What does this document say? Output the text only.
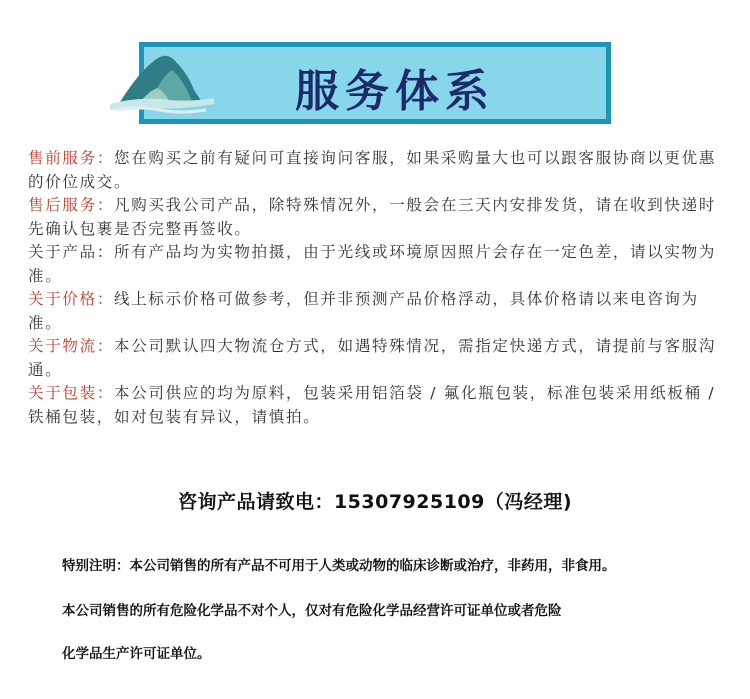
服务体系

售前服务：您在购买之前有疑问可直接询问客服，如果采购量大也可以跟客服协商以更优惠的价位成交。

售后服务：凡购买我公司产品，除特殊情况外，一般会在三天内安排发货，请在收到快递时先确认包裹是否完整再签收。

关于产品：所有产品均为实物拍摄，由于光线或环境原因照片会存在一定色差，请以实物为准。

关于价格：线上标示价格可做参考，但并非预测产品价格浮动，具体价格请以来电咨询为准。

关于物流：本公司默认四大物流仓方式，如遇特殊情况，需指定快递方式，请提前与客服沟通。

关于包装：本公司供应的均为原料，包装采用铝箔袋 / 氟化瓶包装，标准包装采用纸板桶 / 铁桶包装，如对包装有异议，请慎拍。

咨询产品请致电：15307925109（冯经理)

特别注明：本公司销售的所有产品不可用于人类或动物的临床诊断或治疗，非药用，非食用。

本公司销售的所有危险化学品不对个人，仅对有危险化学品经营许可证单位或者危险

化学品生产许可证单位。
